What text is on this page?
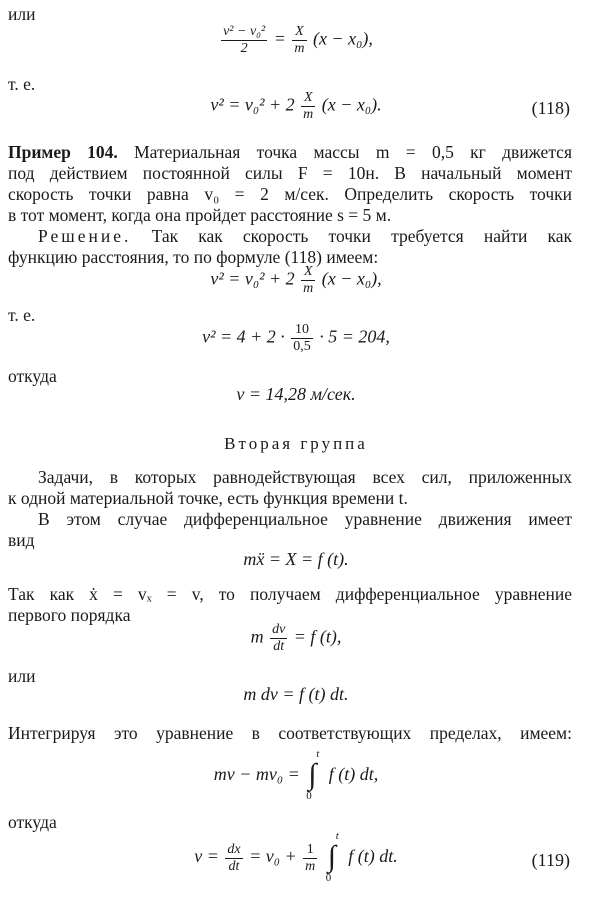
или
$\frac{\text{v² − v₀²}}{2} = \frac{X}{m} (x - x_0)$,
т. е.
$v^2 = v_0^2 + 2 \frac{X}{m} (x - x_0)$.	(118)
Пример 104. Материальная точка массы m = 0,5 кг движется
под действием постоянной силы F = 10н. В начальный момент
скорость точки равна v₀ = 2 м/сек. Определить скорость точки
в тот момент, когда она пройдет расстояние s = 5 м.
Решение. Так как скорость точки требуется найти как
функцию расстояния, то по формуле (118) имеем:
$v^2 = v_0^2 + 2 \frac{X}{m} (x - x_0)$,
т. е.
$v^2 = 4 + 2 \cdot \frac{10}{0,5} \cdot 5 = 204$,
откуда
v = 14,28 м/сек.
Вторая группа
Задачи, в которых равнодействующая всех сил, приложенных
к одной материальной точке, есть функция времени t.
В этом случае дифференциальное уравнение движения имеет
вид
mẍ = X = f (t).
Так как ẋ = vₓ = v, то получаем дифференциальное уравнение
первого порядка
m $\frac{dv}{dt} = f$ (t),
или
m dv = f (t) dt.
Интегрируя это уравнение в соответствующих пределах, имеем:
mv − mv₀ =
t
∫
0
f (t) dt,
откуда
$v = \frac{dx}{dt} = v_0 + \frac{1}{m}$

t
∫
0
f (t) dt.	(119)
